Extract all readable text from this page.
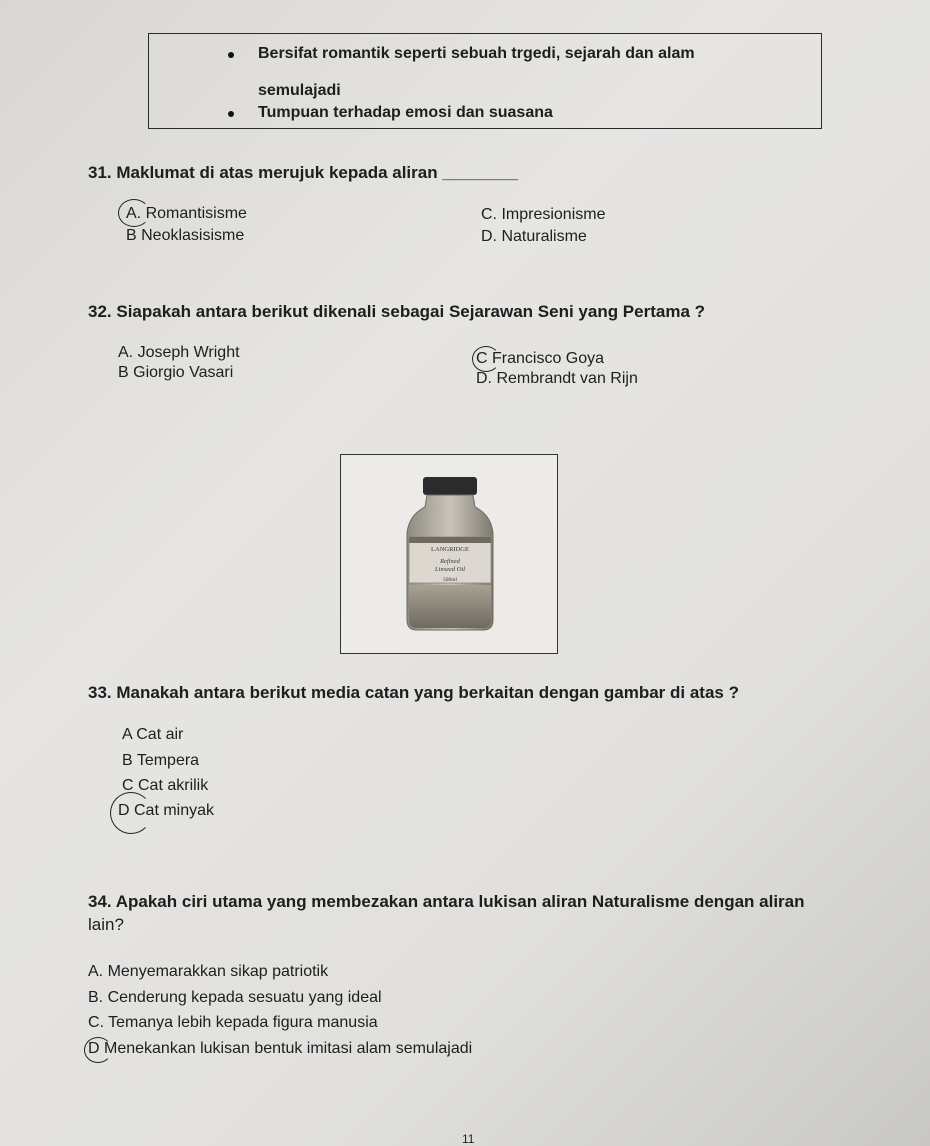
Bersifat romantik seperti sebuah trgedi, sejarah dan alam
semulajadi
Tumpuan terhadap emosi dan suasana
31. Maklumat di atas merujuk kepada aliran ________
A. Romantisisme
B Neoklasisisme
C. Impresionisme
D. Naturalisme
32. Siapakah antara berikut dikenali sebagai Sejarawan Seni yang Pertama ?
A. Joseph Wright
B Giorgio Vasari
C Francisco Goya
D. Rembrandt van Rijn
LANGRIDGE
Refined
Linseed Oil
500ml
33. Manakah antara berikut media catan yang berkaitan dengan gambar di atas ?
A Cat air
B Tempera
C Cat akrilik
D Cat minyak
34. Apakah ciri utama yang membezakan antara lukisan aliran Naturalisme dengan aliran
lain?
A. Menyemarakkan sikap patriotik
B. Cenderung kepada sesuatu yang ideal
C. Temanya lebih kepada figura manusia
D Menekankan lukisan bentuk imitasi alam semulajadi
11
